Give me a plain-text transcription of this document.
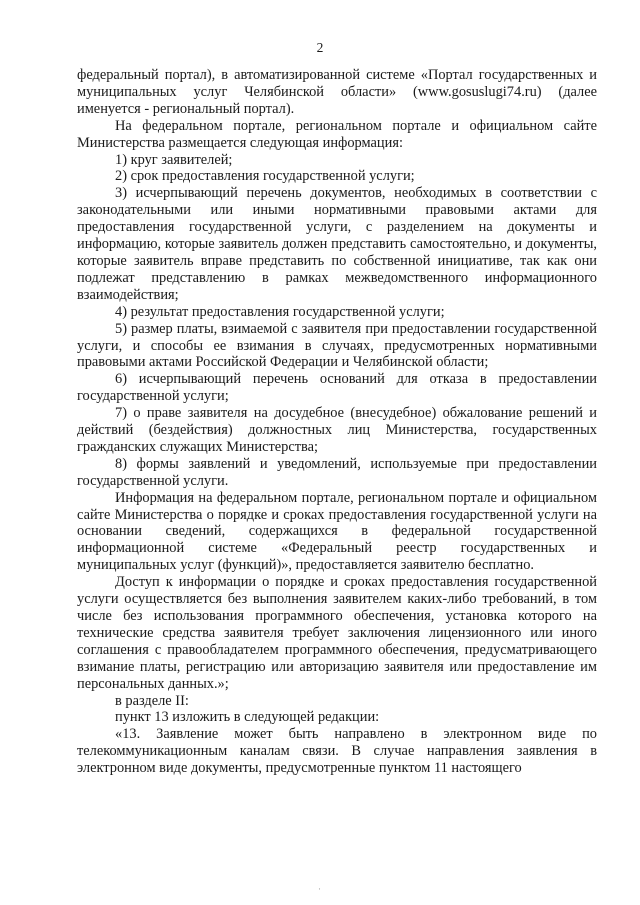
2

федеральный портал), в автоматизированной системе «Портал государственных и муниципальных услуг Челябинской области» (www.gosuslugi74.ru) (далее именуется - региональный портал).

На федеральном портале, региональном портале и официальном сайте Министерства размещается следующая информация:

1) круг заявителей;

2) срок предоставления государственной услуги;

3) исчерпывающий перечень документов, необходимых в соответствии с законодательными или иными нормативными правовыми актами для предоставления государственной услуги, с разделением на документы и информацию, которые заявитель должен представить самостоятельно, и документы, которые заявитель вправе представить по собственной инициативе, так как они подлежат представлению в рамках межведомственного информационного взаимодействия;

4) результат предоставления государственной услуги;

5) размер платы, взимаемой с заявителя при предоставлении государственной услуги, и способы ее взимания в случаях, предусмотренных нормативными правовыми актами Российской Федерации и Челябинской области;

6) исчерпывающий перечень оснований для отказа в предоставлении государственной услуги;

7) о праве заявителя на досудебное (внесудебное) обжалование решений и действий (бездействия) должностных лиц Министерства, государственных гражданских служащих Министерства;

8) формы заявлений и уведомлений, используемые при предоставлении государственной услуги.

Информация на федеральном портале, региональном портале и официальном сайте Министерства о порядке и сроках предоставления государственной услуги на основании сведений, содержащихся в федеральной государственной информационной системе «Федеральный реестр государственных и муниципальных услуг (функций)», предоставляется заявителю бесплатно.

Доступ к информации о порядке и сроках предоставления государственной услуги осуществляется без выполнения заявителем каких-либо требований, в том числе без использования программного обеспечения, установка которого на технические средства заявителя требует заключения лицензионного или иного соглашения с правообладателем программного обеспечения, предусматривающего взимание платы, регистрацию или авторизацию заявителя или предоставление им персональных данных.»;

в разделе II:

пункт 13 изложить в следующей редакции:

«13. Заявление может быть направлено в электронном виде по телекоммуникационным каналам связи. В случае направления заявления в электронном виде документы, предусмотренные пунктом 11 настоящего

·
